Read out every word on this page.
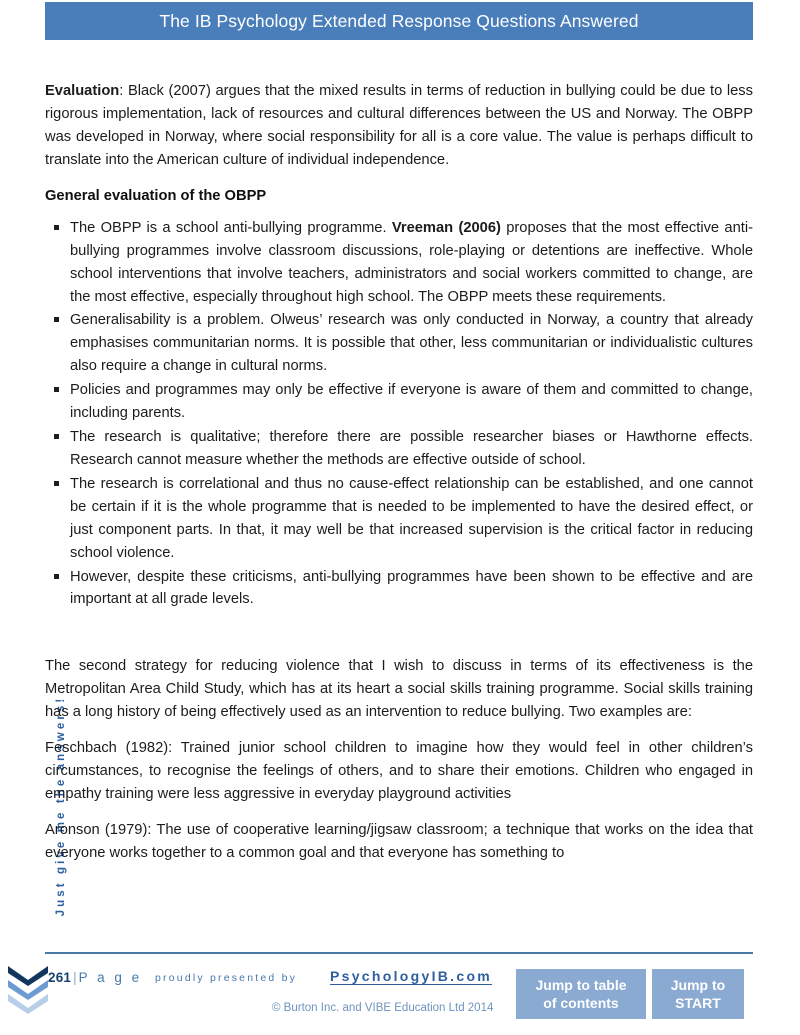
The IB Psychology Extended Response Questions Answered
Just give me the answers!

Evaluation: Black (2007) argues that the mixed results in terms of reduction in bullying could be due to less rigorous implementation, lack of resources and cultural differences between the US and Norway. The OBPP was developed in Norway, where social responsibility for all is a core value. The value is perhaps difficult to translate into the American culture of individual independence.

General evaluation of the OBPP
The OBPP is a school anti-bullying programme. Vreeman (2006) proposes that the most effective anti-bullying programmes involve classroom discussions, role-playing or detentions are ineffective. Whole school interventions that involve teachers, administrators and social workers committed to change, are the most effective, especially throughout high school. The OBPP meets these requirements.
Generalisability is a problem. Olweus’ research was only conducted in Norway, a country that already emphasises communitarian norms. It is possible that other, less communitarian or individualistic cultures also require a change in cultural norms.
Policies and programmes may only be effective if everyone is aware of them and committed to change, including parents.
The research is qualitative; therefore there are possible researcher biases or Hawthorne effects. Research cannot measure whether the methods are effective outside of school.
The research is correlational and thus no cause-effect relationship can be established, and one cannot be certain if it is the whole programme that is needed to be implemented to have the desired effect, or just component parts. In that, it may well be that increased supervision is the critical factor in reducing school violence.
However, despite these criticisms, anti-bullying programmes have been shown to be effective and are important at all grade levels.

The second strategy for reducing violence that I wish to discuss in terms of its effectiveness is the Metropolitan Area Child Study, which has at its heart a social skills training programme. Social skills training has a long history of being effectively used as an intervention to reduce bullying. Two examples are:

Feschbach (1982): Trained junior school children to imagine how they would feel in other children’s circumstances, to recognise the feelings of others, and to share their emotions. Children who engaged in empathy training were less aggressive in everyday playground activities

Aronson (1979): The use of cooperative learning/jigsaw classroom; a technique that works on the idea that everyone works together to a common goal and that everyone has something to

261 | P a g e proudly presented by PsychologyIB.com
© Burton Inc. and VIBE Education Ltd 2014
Jump to table
of contents
Jump to
START
